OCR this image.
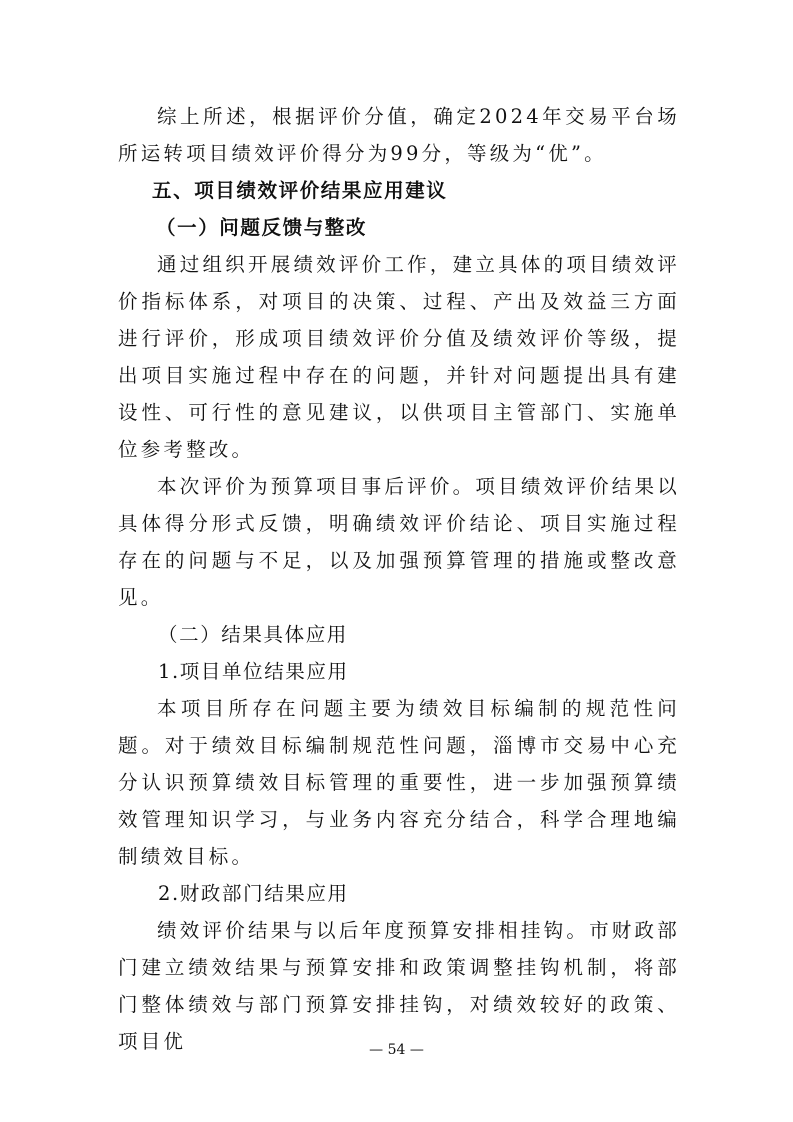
综上所述，根据评价分值，确定2024年交易平台场所运转项目绩效评价得分为99分，等级为“优”。

五、项目绩效评价结果应用建议

（一）问题反馈与整改

通过组织开展绩效评价工作，建立具体的项目绩效评价指标体系，对项目的决策、过程、产出及效益三方面进行评价，形成项目绩效评价分值及绩效评价等级，提出项目实施过程中存在的问题，并针对问题提出具有建设性、可行性的意见建议，以供项目主管部门、实施单位参考整改。

本次评价为预算项目事后评价。项目绩效评价结果以具体得分形式反馈，明确绩效评价结论、项目实施过程存在的问题与不足，以及加强预算管理的措施或整改意见。

（二）结果具体应用

1.项目单位结果应用

本项目所存在问题主要为绩效目标编制的规范性问题。对于绩效目标编制规范性问题，淄博市交易中心充分认识预算绩效目标管理的重要性，进一步加强预算绩效管理知识学习，与业务内容充分结合，科学合理地编制绩效目标。

2.财政部门结果应用

绩效评价结果与以后年度预算安排相挂钩。市财政部门建立绩效结果与预算安排和政策调整挂钩机制，将部门整体绩效与部门预算安排挂钩，对绩效较好的政策、项目优	— 54 —
